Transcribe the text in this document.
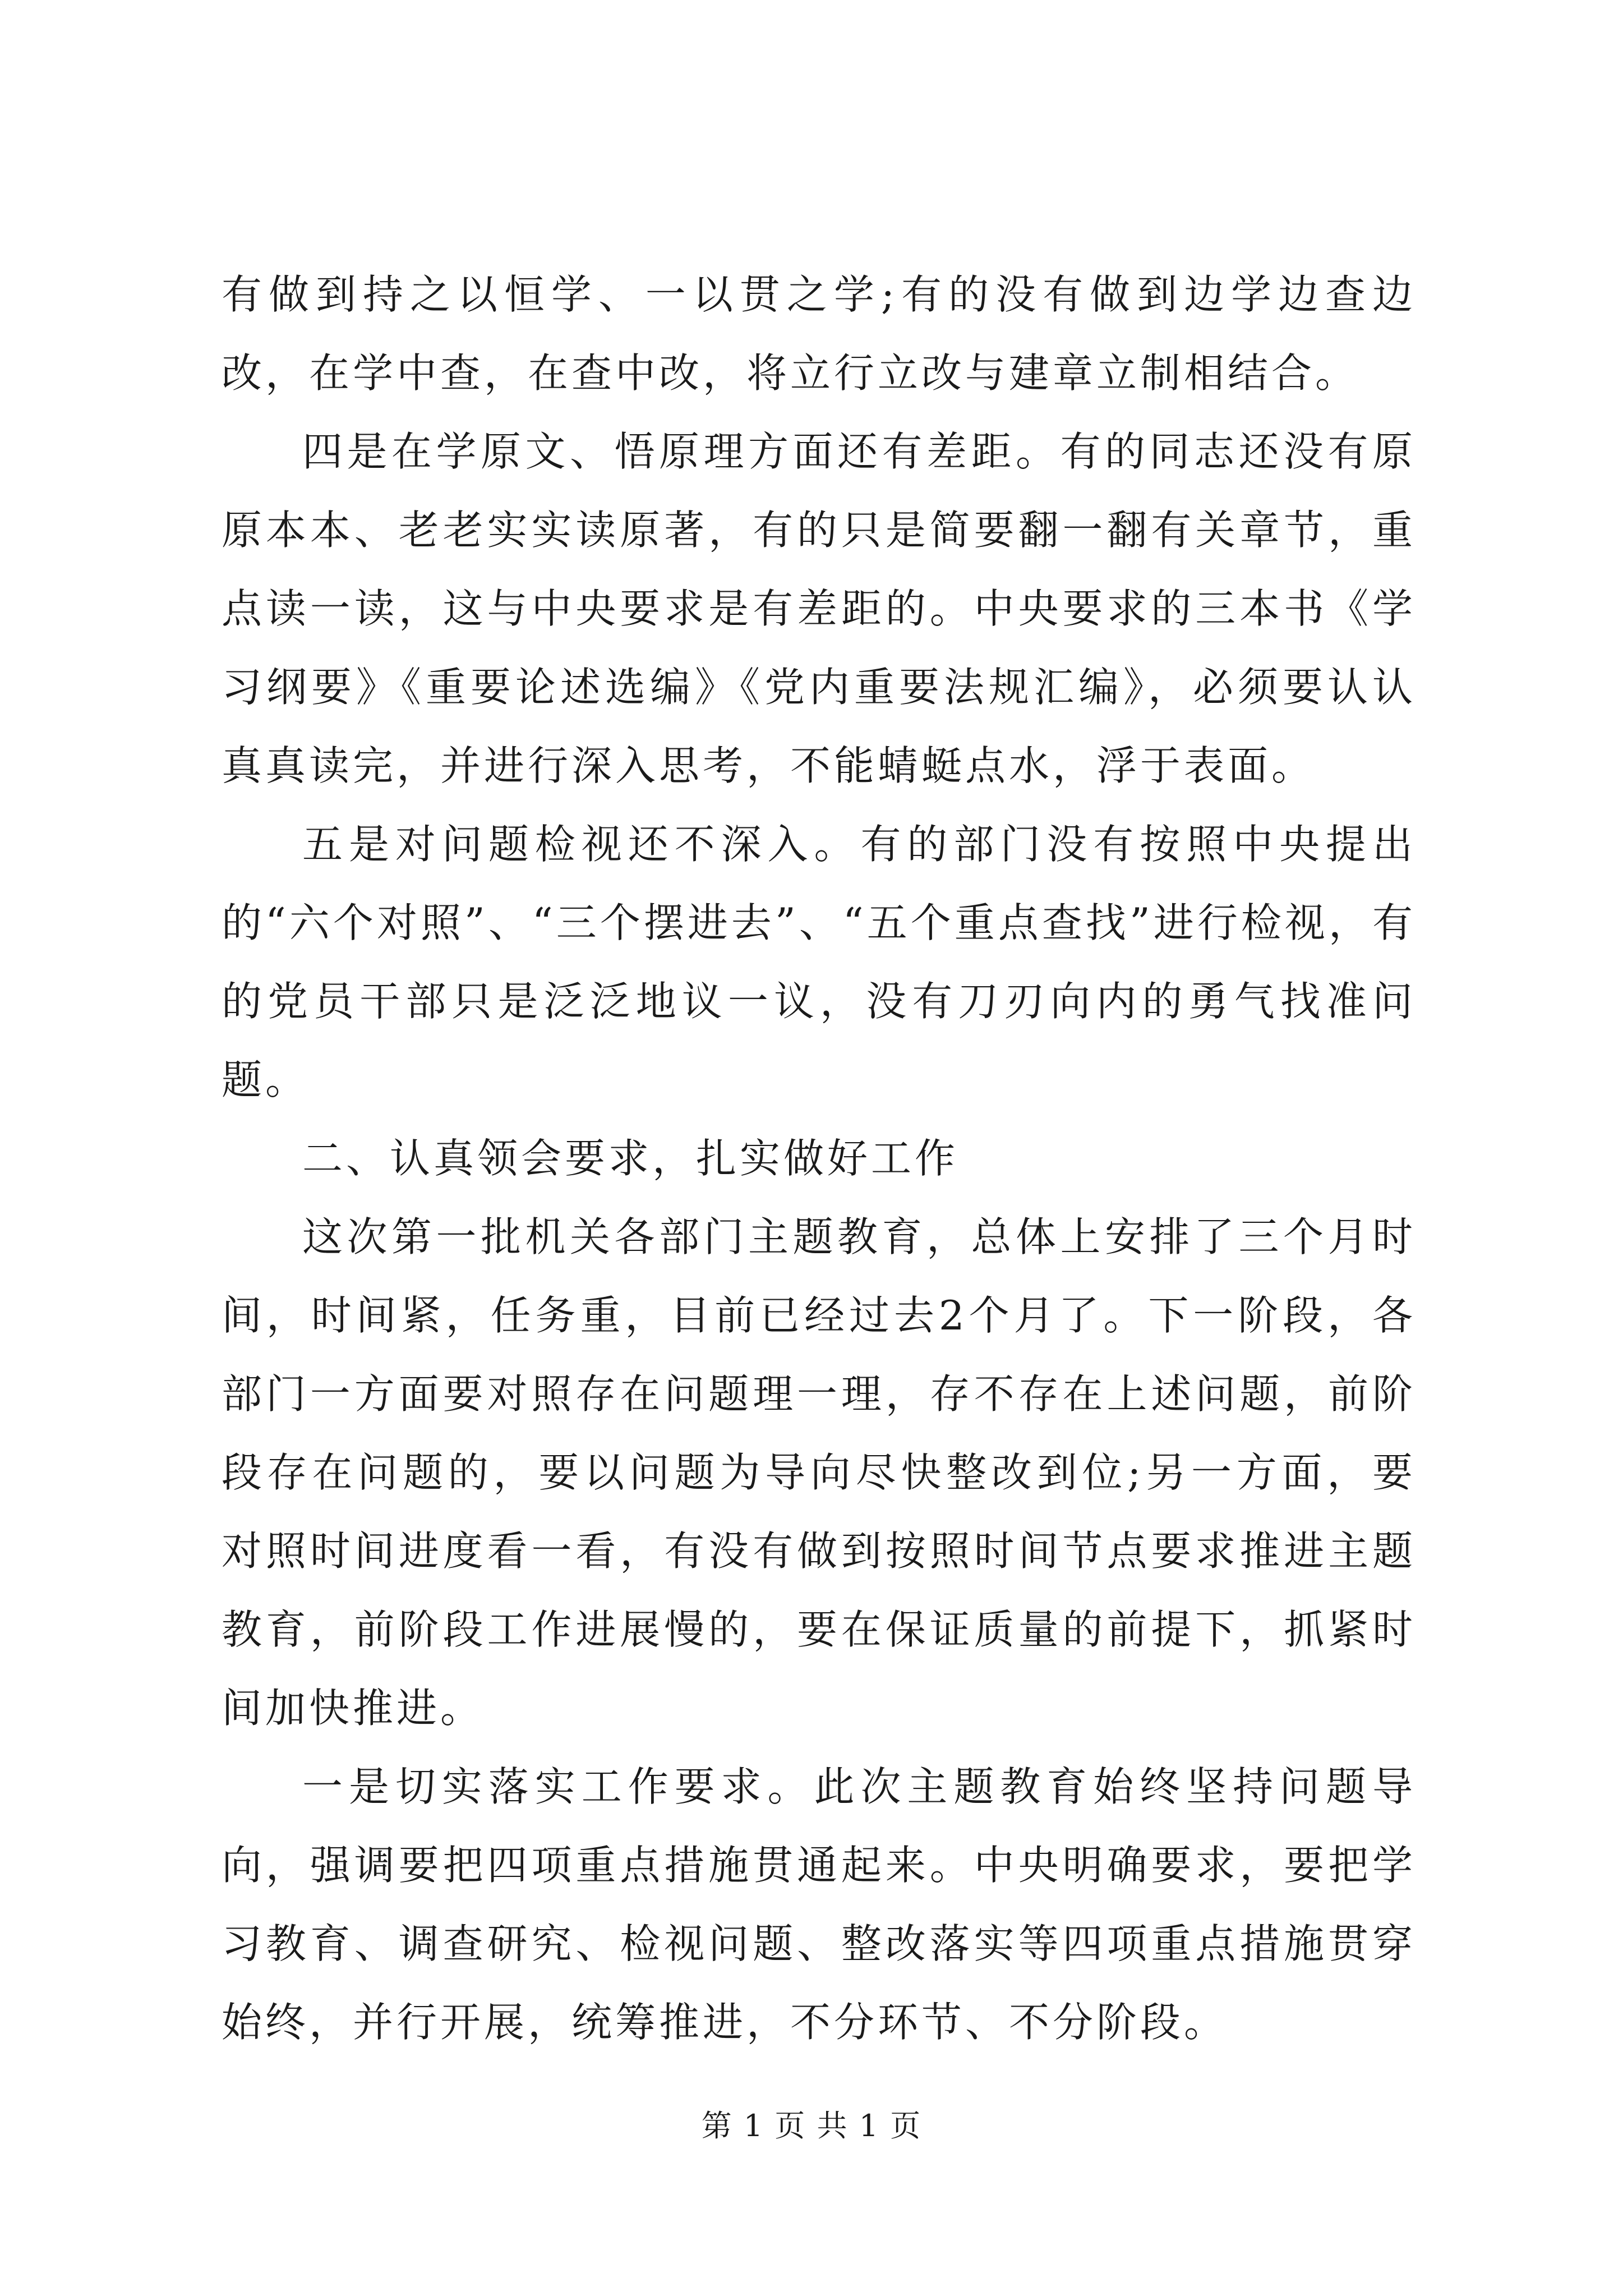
有做到持之以恒学、一以贯之学;有的没有做到边学边查边改，在学中查，在查中改，将立行立改与建章立制相结合。

四是在学原文、悟原理方面还有差距。有的同志还没有原原本本、老老实实读原著，有的只是简要翻一翻有关章节，重点读一读，这与中央要求是有差距的。中央要求的三本书《学习纲要》《重要论述选编》《党内重要法规汇编》，必须要认认真真读完，并进行深入思考，不能蜻蜓点水，浮于表面。

五是对问题检视还不深入。有的部门没有按照中央提出的“六个对照”、“三个摆进去”、“五个重点查找”进行检视，有的党员干部只是泛泛地议一议，没有刀刃向内的勇气找准问题。

二、认真领会要求，扎实做好工作

这次第一批机关各部门主题教育，总体上安排了三个月时间，时间紧，任务重，目前已经过去2个月了。下一阶段，各部门一方面要对照存在问题理一理，存不存在上述问题，前阶段存在问题的，要以问题为导向尽快整改到位;另一方面，要对照时间进度看一看，有没有做到按照时间节点要求推进主题教育，前阶段工作进展慢的，要在保证质量的前提下，抓紧时间加快推进。

一是切实落实工作要求。此次主题教育始终坚持问题导向，强调要把四项重点措施贯通起来。中央明确要求，要把学习教育、调查研究、检视问题、整改落实等四项重点措施贯穿始终，并行开展，统筹推进，不分环节、不分阶段。

第 1 页 共 1 页
